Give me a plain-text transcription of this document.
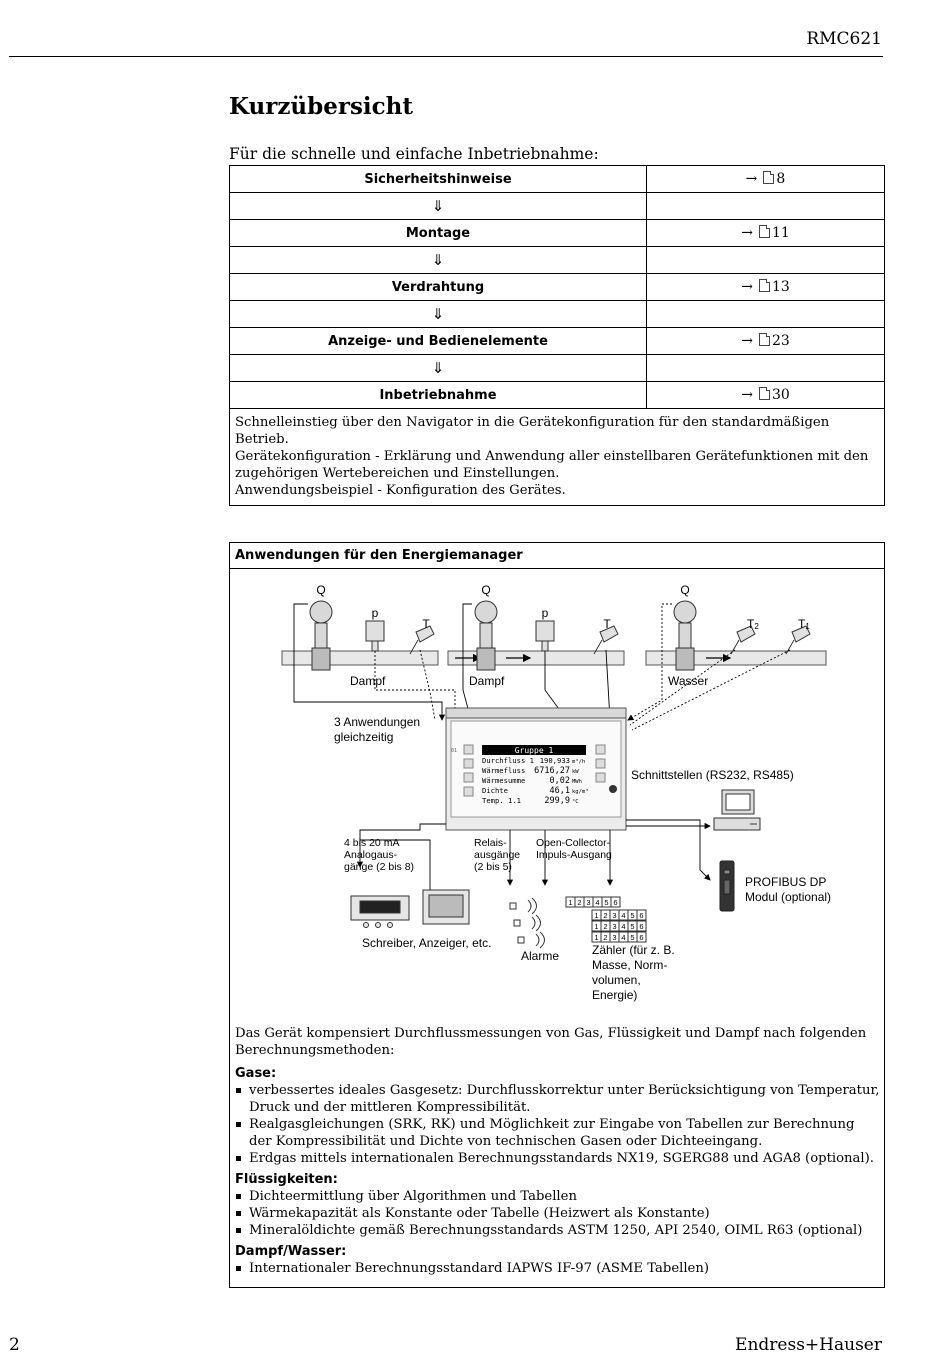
RMC621
Kurzübersicht
Für die schnelle und einfache Inbetriebnahme:
Sicherheitshinweise	→ 8
⇓	
Montage	→ 11
⇓	
Verdrahtung	→ 13
⇓	
Anzeige- und Bedienelemente	→ 23
⇓	
Inbetriebnahme	→ 30

Schnelleinstieg über den Navigator in die Gerätekonfiguration für den standardmäßigen Betrieb.
Gerätekonfiguration - Erklärung und Anwendung aller einstellbaren Gerätefunktionen mit den zugehörigen Wertebereichen und Einstellungen.
Anwendungsbeispiel - Konfiguration des Gerätes.	
Anwendungen für den Energiemanager
Q	Q	Q
p	p
T	T	T2	T1
Dampf	Dampf	Wasser
3 Anwendungen
gleichzeitig
01	Gruppe 1
Durchfluss 1 190,933 m³/h
Wärmefluss 6716,27 kW
Wärmesumme	0,02 MWh
Dichte	46,1 kg/m³
Temp. 1.1	299,9 °C
Schnittstellen (RS232, RS485)
4 bis 20 mA
Analogaus-
gänge (2 bis 8)
Relais-
ausgänge
(2 bis 5)
Open-Collector-
Impuls-Ausgang
PROFIBUS DP
Modul (optional)
Schreiber, Anzeiger, etc.
Alarme
1 2 3 4 5 6
1 2 3 4 5 6
1 2 3 4 5 6
1 2 3 4 5 6
Zähler (für z. B.
Masse, Norm-
volumen,
Energie)

Das Gerät kompensiert Durchflussmessungen von Gas, Flüssigkeit und Dampf nach folgenden Berechnungsmethoden:

Gase:
verbessertes ideales Gasgesetz: Durchflusskorrektur unter Berücksichtigung von Temperatur, Druck und der mittleren Kompressibilität.
Realgasgleichungen (SRK, RK) und Möglichkeit zur Eingabe von Tabellen zur Berechnung der Kompressibilität und Dichte von technischen Gasen oder Dichteeingang.
Erdgas mittels internationalen Berechnungsstandards NX19, SGERG88 und AGA8 (optional).
Flüssigkeiten:
Dichteermittlung über Algorithmen und Tabellen
Wärmekapazität als Konstante oder Tabelle (Heizwert als Konstante)
Mineralöldichte gemäß Berechnungsstandards ASTM 1250, API 2540, OIML R63 (optional)
Dampf/Wasser:
Internationaler Berechnungsstandard IAPWS IF-97 (ASME Tabellen)
2	Endress+Hauser
